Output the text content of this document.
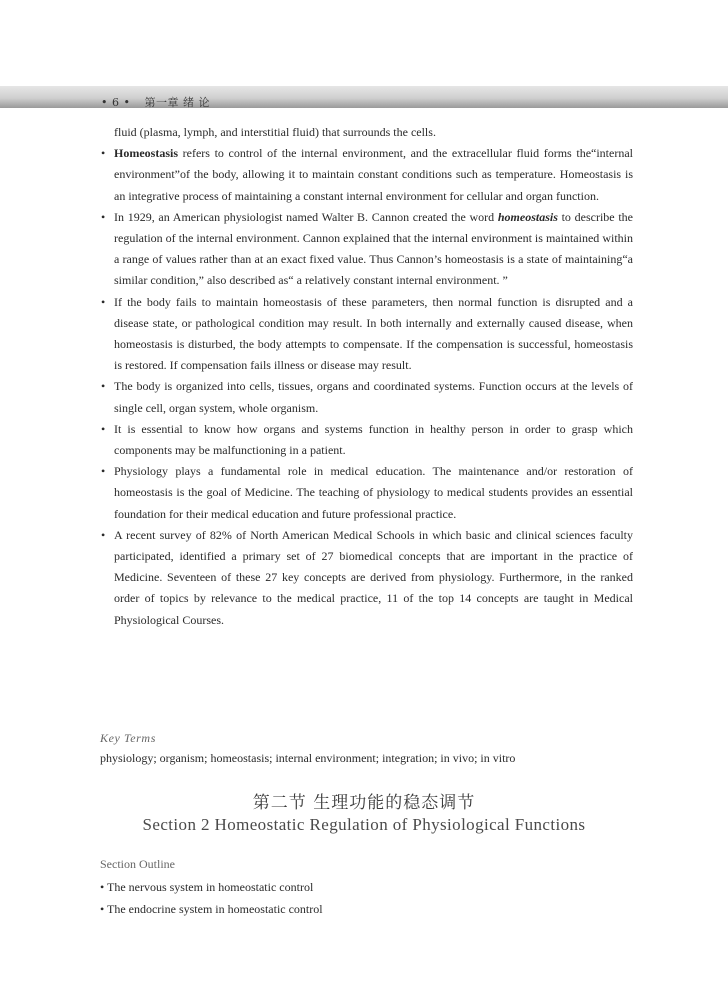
• 6 • 第一章 绪 论

fluid (plasma, lymph, and interstitial fluid) that surrounds the cells.

• Homeostasis refers to control of the internal environment, and the extracellular fluid forms the“internal environment”of the body, allowing it to maintain constant conditions such as temperature. Homeostasis is an integrative process of maintaining a constant internal environment for cellular and organ function.

• In 1929, an American physiologist named Walter B. Cannon created the word homeostasis to describe the regulation of the internal environment. Cannon explained that the internal environment is maintained within a range of values rather than at an exact fixed value. Thus Cannon’s homeostasis is a state of maintaining“a similar condition,” also described as“ a relatively constant internal environment. ”

• If the body fails to maintain homeostasis of these parameters, then normal function is disrupted and a disease state, or pathological condition may result. In both internally and externally caused disease, when homeostasis is disturbed, the body attempts to compensate. If the compensation is successful, homeostasis is restored. If compensation fails illness or disease may result.

• The body is organized into cells, tissues, organs and coordinated systems. Function occurs at the levels of single cell, organ system, whole organism.

• It is essential to know how organs and systems function in healthy person in order to grasp which components may be malfunctioning in a patient.

• Physiology plays a fundamental role in medical education. The maintenance and/or restoration of homeostasis is the goal of Medicine. The teaching of physiology to medical students provides an essential foundation for their medical education and future professional practice.

• A recent survey of 82% of North American Medical Schools in which basic and clinical sciences faculty participated, identified a primary set of 27 biomedical concepts that are important in the practice of Medicine. Seventeen of these 27 key concepts are derived from physiology. Furthermore, in the ranked order of topics by relevance to the medical practice, 11 of the top 14 concepts are taught in Medical Physiological Courses.

Key Terms
physiology; organism; homeostasis; internal environment; integration; in vivo; in vitro
第二节 生理功能的稳态调节
Section 2 Homeostatic Regulation of Physiological Functions
Section Outline
• The nervous system in homeostatic control
• The endocrine system in homeostatic control
